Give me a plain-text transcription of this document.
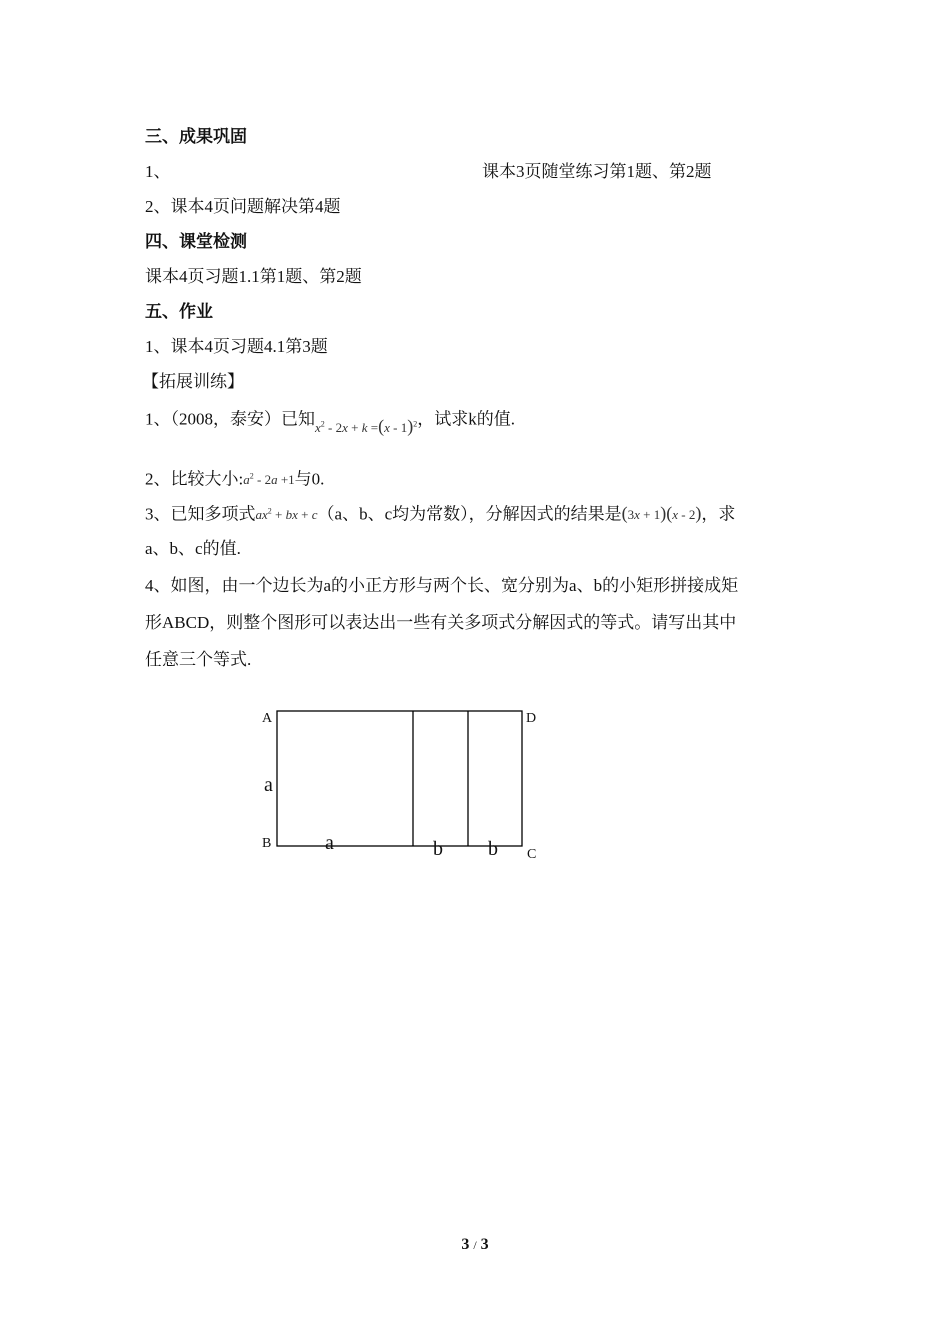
三、成果巩固
1、	课本3页随堂练习第1题、第2题
2、课本4页问题解决第4题
四、课堂检测
课本4页习题1.1第1题、第2题
五、作业
1、课本4页习题4.1第3题
【拓展训练】
1、（2008，泰安）已知$_{x^2 - 2x + k =(x - 1)^2}$，试求k的值.
2、比较大小$:a^2 - 2a +1$与0.
3、已知多项式$ax^2$ + bx + c（a、b、c均为常数），分解因式的结果是(3x + 1)(x - 2)，求
a、b、c的值.
4、如图，由一个边长为a的小正方形与两个长、宽分别为a、b的小矩形拼接成矩
形ABCD，则整个图形可以表达出一些有关多项式分解因式的等式。请写出其中
任意三个等式.
A	D
B
C
a
a	b b
3 / 3
